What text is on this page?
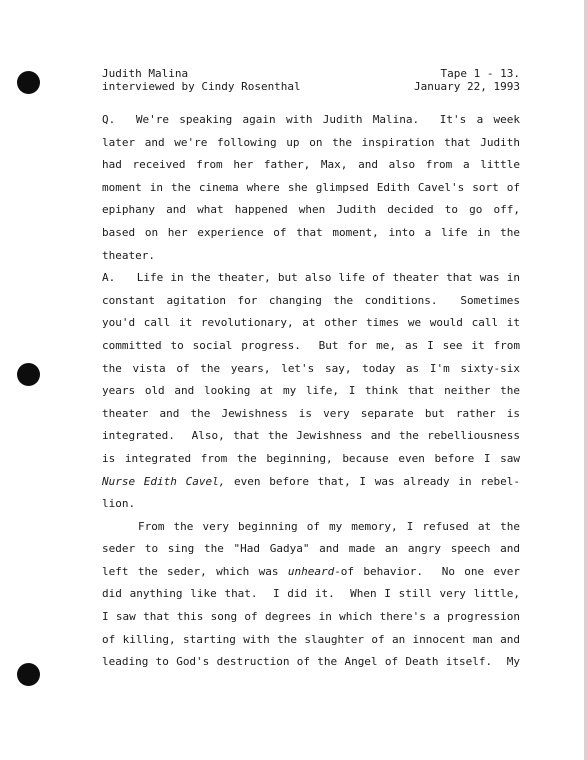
Judith Malina	Tape 1 - 13.
interviewed by Cindy Rosenthal	January 22, 1993
Q.  We're speaking again with Judith Malina.  It's a week
later and we're following up on the inspiration that Judith
had received from her father, Max, and also from a little
moment in the cinema where she glimpsed Edith Cavel's sort of
epiphany and what happened when Judith decided to go off,
based on her experience of that moment, into a life in the
theater.
A.   Life in the theater, but also life of theater that was in
constant agitation for changing the conditions.  Sometimes
you'd call it revolutionary, at other times we would call it
committed to social progress.  But for me, as I see it from
the vista of the years, let's say, today as I'm sixty-six
years old and looking at my life, I think that neither the
theater and the Jewishness is very separate but rather is
integrated.  Also, that the Jewishness and the rebelliousness
is integrated from the beginning, because even before I saw
Nurse Edith Cavel, even before that, I was already in rebel-
lion.
From the very beginning of my memory, I refused at the
seder to sing the "Had Gadya" and made an angry speech and
left the seder, which was unheard-of behavior.  No one ever
did anything like that.  I did it.  When I still very little,
I saw that this song of degrees in which there's a progression
of killing, starting with the slaughter of an innocent man and
leading to God's destruction of the Angel of Death itself.  My
